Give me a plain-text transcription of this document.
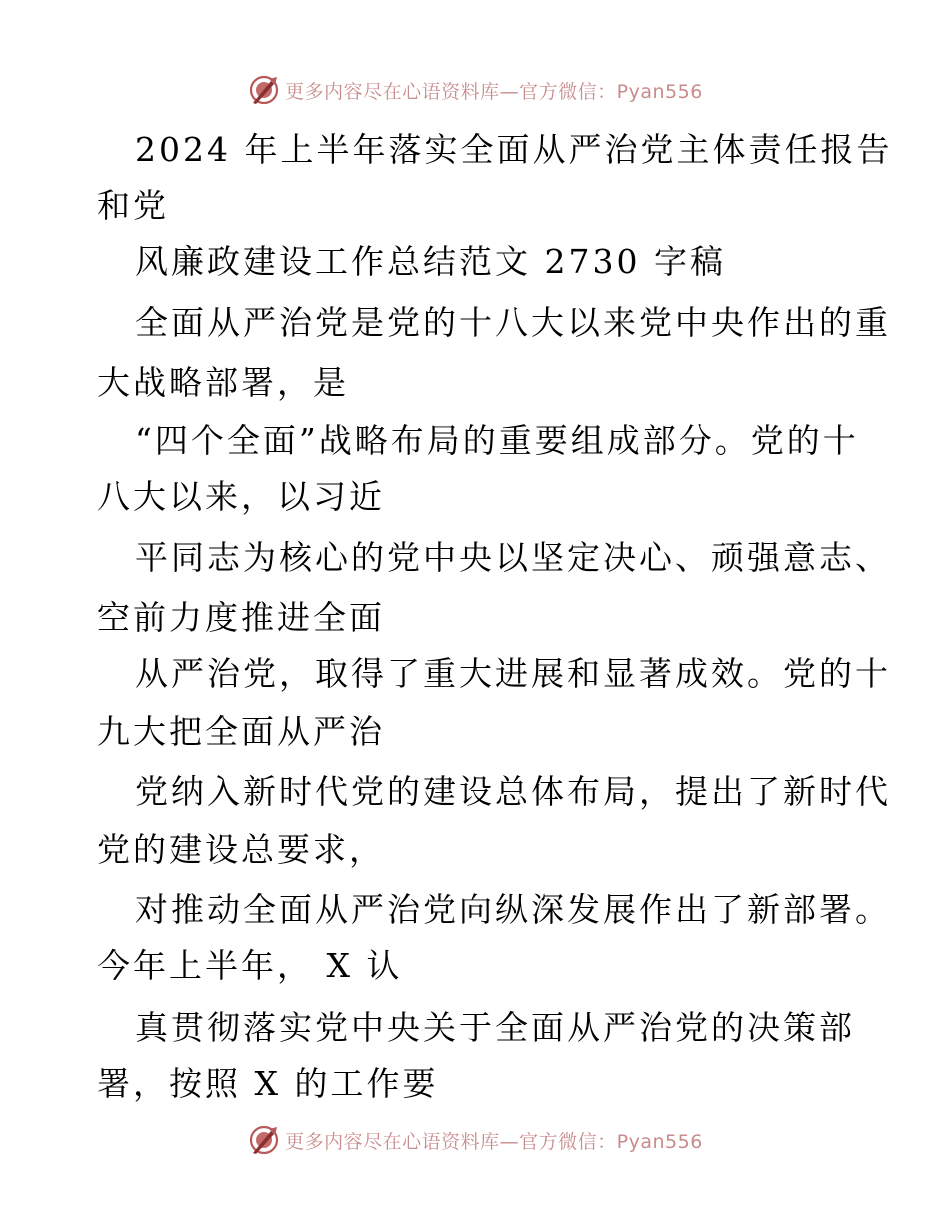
更多内容尽在心语资料库—官方微信：Pyan556
2024 年上半年落实全面从严治党主体责任报告
和党
风廉政建设工作总结范文 2730 字稿
全面从严治党是党的十八大以来党中央作出的重
大战略部署，是
“四个全面”战略布局的重要组成部分。党的十
八大以来，以习近
平同志为核心的党中央以坚定决心、顽强意志、
空前力度推进全面
从严治党，取得了重大进展和显著成效。党的十
九大把全面从严治
党纳入新时代党的建设总体布局，提出了新时代
党的建设总要求，
对推动全面从严治党向纵深发展作出了新部署。
今年上半年， X 认
真贯彻落实党中央关于全面从严治党的决策部
署，按照 X 的工作要
更多内容尽在心语资料库—官方微信：Pyan556
